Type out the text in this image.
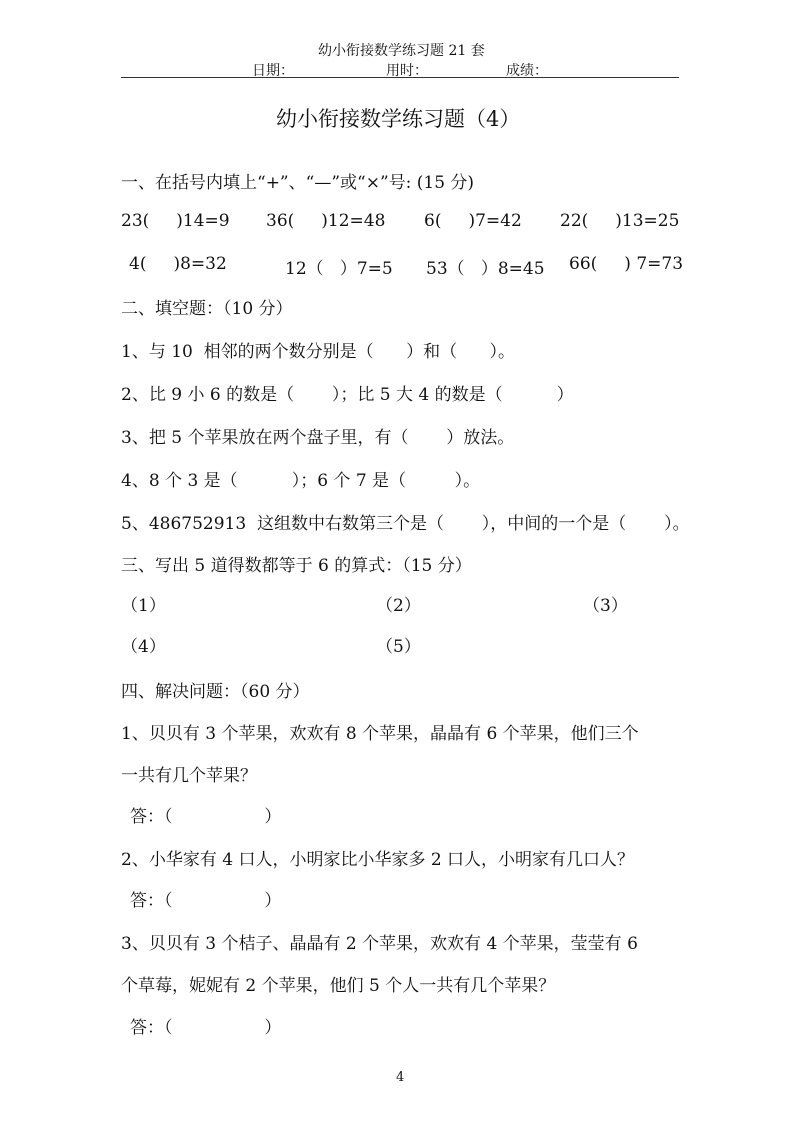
幼小衔接数学练习题 21 套
日期：	用时：	成绩：
幼小衔接数学练习题（4）
一、在括号内填上“+”、“—”或“×”号: (15 分)
23(     )14=9 36(     )12=48 6(     )7=42 22(     )13=25
4(     )8=32	12（   ）7=5 53（   ）8=45 66(     ) 7=73
二、填空题：（10 分）
1、与 10  相邻的两个数分别是（      ）和（      ）。
2、比 9 小 6 的数是（       ）；比 5 大 4 的数是（          ）
3、把 5 个苹果放在两个盘子里，有（       ）放法。
4、8 个 3 是（          ）；6 个 7 是（         ）。
5、486752913  这组数中右数第三个是（       ），中间的一个是（       ）。
三、写出 5 道得数都等于 6 的算式：（15 分）
（1）	（2）	（3）
（4）	（5）
四、解决问题：（60 分）
1、贝贝有 3 个苹果，欢欢有 8 个苹果，晶晶有 6 个苹果，他们三个
一共有几个苹果？
答：（                 ）
2、小华家有 4 口人，小明家比小华家多 2 口人，小明家有几口人？
答：（                 ）
3、贝贝有 3 个桔子、晶晶有 2 个苹果，欢欢有 4 个苹果，莹莹有 6
个草莓，妮妮有 2 个苹果，他们 5 个人一共有几个苹果？
答：（                 ）
4
